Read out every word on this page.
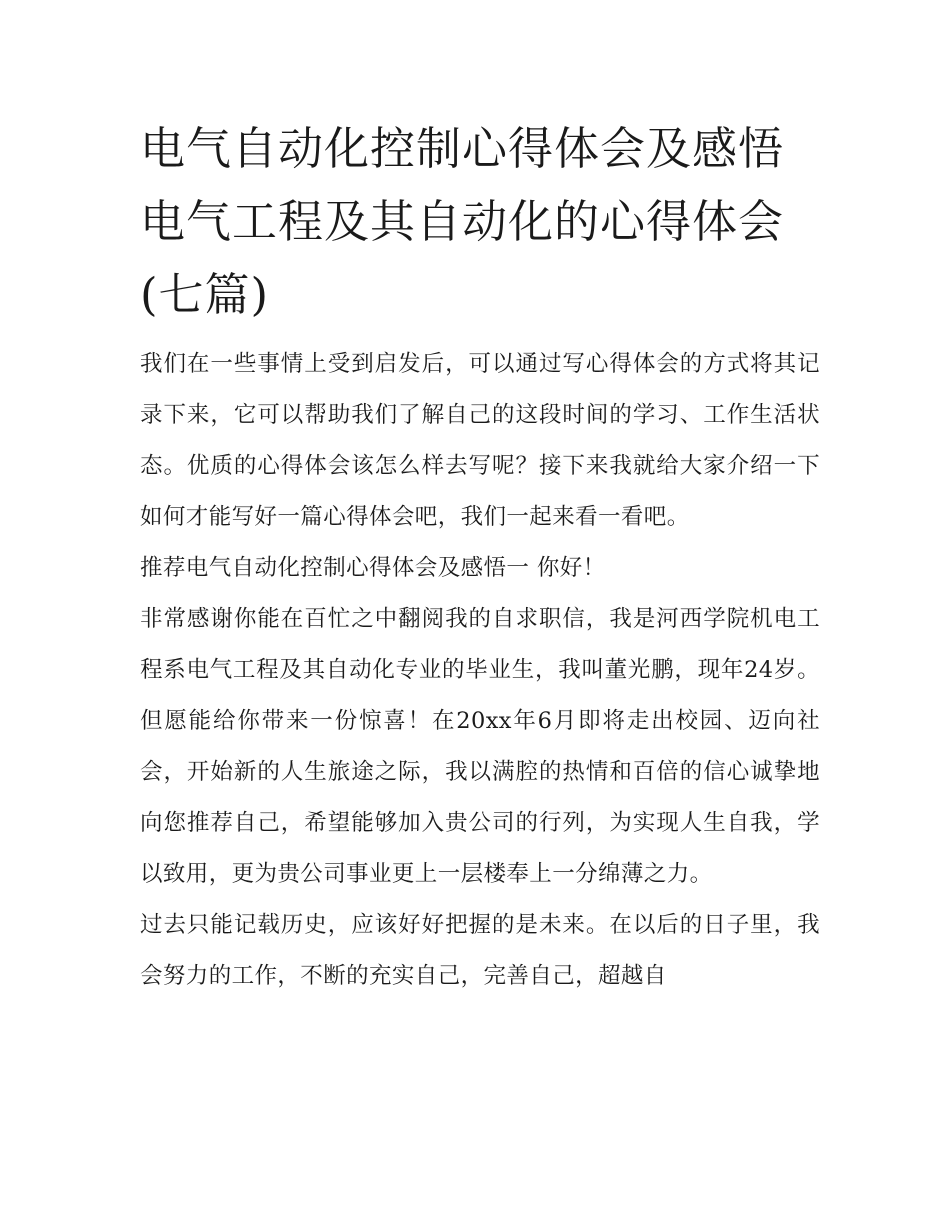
电气自动化控制心得体会及感悟 电气工程及其自动化的心得体会(七篇)

我们在一些事情上受到启发后，可以通过写心得体会的方式将其记录下来，它可以帮助我们了解自己的这段时间的学习、工作生活状态。优质的心得体会该怎么样去写呢？接下来我就给大家介绍一下如何才能写好一篇心得体会吧，我们一起来看一看吧。

推荐电气自动化控制心得体会及感悟一 你好！

非常感谢你能在百忙之中翻阅我的自求职信，我是河西学院机电工程系电气工程及其自动化专业的毕业生，我叫董光鹏，现年24岁。但愿能给你带来一份惊喜！在20xx年6月即将走出校园、迈向社会，开始新的人生旅途之际，我以满腔的热情和百倍的信心诚挚地向您推荐自己，希望能够加入贵公司的行列，为实现人生自我，学以致用，更为贵公司事业更上一层楼奉上一分绵薄之力。

过去只能记载历史，应该好好把握的是未来。在以后的日子里，我会努力的工作，不断的充实自己，完善自己，超越自
